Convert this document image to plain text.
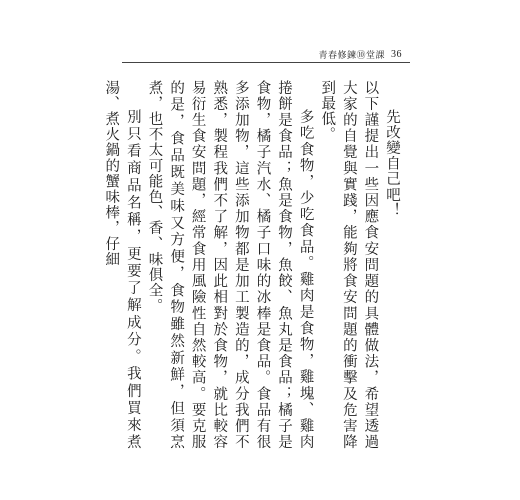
青春修鍊⑩堂課 36

先改變自己吧！

以下謹提出一些因應食安問題的具體做法，希望透過大家的自覺與實踐，能夠將食安問題的衝擊及危害降到最低。

多吃食物，少吃食品。雞肉是食物，雞塊、雞肉捲餅是食品；魚是食物，魚餃、魚丸是食品；橘子是食物，橘子汽水、橘子口味的冰棒是食品。食品有很多添加物，這些添加物都是加工製造的，成分我們不熟悉，製程我們不了解，因此相對於食物，就比較容易衍生食安問題，經常食用風險性自然較高。要克服的是，食品既美味又方便，食物雖然新鮮，但須烹煮，也不太可能色、香、味俱全。

別只看商品名稱，更要了解成分。我們買來煮湯、煮火鍋的蟹味棒，仔細
